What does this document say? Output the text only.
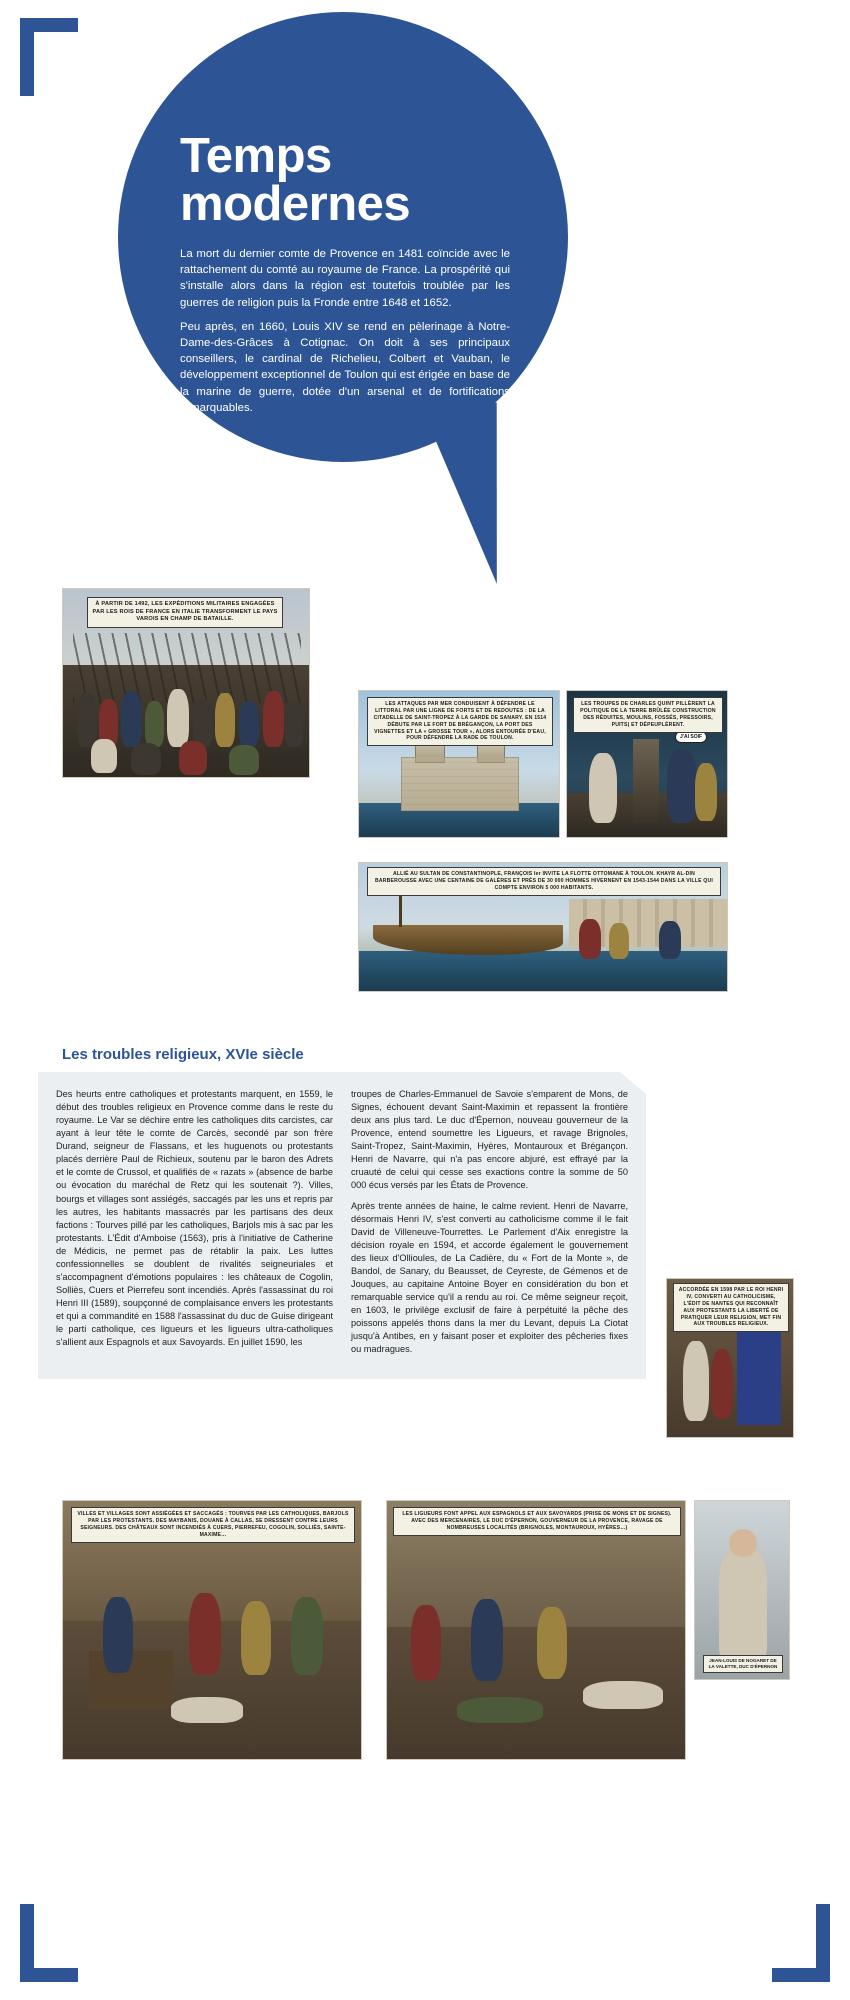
Temps
modernes

La mort du dernier comte de Provence en 1481 coïncide avec le rattachement du comté au royaume de France. La prospérité qui s'installe alors dans la région est toutefois troublée par les guerres de religion puis la Fronde entre 1648 et 1652.

Peu après, en 1660, Louis XIV se rend en pèlerinage à Notre-Dame-des-Grâces à Cotignac. On doit à ses principaux conseillers, le cardinal de Richelieu, Colbert et Vauban, le développement exceptionnel de Toulon qui est érigée en base de la marine de guerre, dotée d'un arsenal et de fortifications remarquables.

À PARTIR DE 1492, LES EXPÉDITIONS MILITAIRES ENGAGÉES PAR LES ROIS DE FRANCE EN ITALIE TRANSFORMENT LE PAYS VAROIS EN CHAMP DE BATAILLE.
LES ATTAQUES PAR MER CONDUISENT À DÉFENDRE LE LITTORAL PAR UNE LIGNE DE FORTS ET DE REDOUTES : DE LA CITADELLE DE SAINT-TROPEZ À LA GARDE DE SANARY. EN 1514 DÉBUTE PAR LE FORT DE BRÉGANÇON, LA PORT DES VIGNETTES ET LA « GROSSE TOUR », ALORS ENTOURÉE D'EAU, POUR DÉFENDRE LA RADE DE TOULON.	J'AI SOIF
LES TROUPES DE CHARLES QUINT PILLÈRENT LA POLITIQUE DE LA TERRE BRÛLÉE CONSTRUCTION DES RÉDUITES, MOULINS, FOSSÉS, PRESSOIRS, PUITS) ET DÉPEUPLÈRENT.
ALLIÉ AU SULTAN DE CONSTANTINOPLE, FRANÇOIS Ier INVITE LA FLOTTE OTTOMANE À TOULON. KHAYR AL-DIN BARBEROUSSE AVEC UNE CENTAINE DE GALÈRES ET PRÈS DE 30 000 HOMMES HIVERNENT EN 1543-1544 DANS LA VILLE QUI COMPTE ENVIRON 5 000 HABITANTS.
Les troubles religieux, XVIe siècle

Des heurts entre catholiques et protestants marquent, en 1559, le début des troubles religieux en Provence comme dans le reste du royaume. Le Var se déchire entre les catholiques dits carcistes, car ayant à leur tête le comte de Carcès, secondé par son frère Durand, seigneur de Flassans, et les huguenots ou protestants placés derrière Paul de Richieux, soutenu par le baron des Adrets et le comte de Crussol, et qualifiés de « razats » (absence de barbe ou évocation du maréchal de Retz qui les soutenait ?). Villes, bourgs et villages sont assiégés, saccagés par les uns et repris par les autres, les habitants massacrés par les partisans des deux factions : Tourves pillé par les catholiques, Barjols mis à sac par les protestants. L'Édit d'Amboise (1563), pris à l'initiative de Catherine de Médicis, ne permet pas de rétablir la paix. Les luttes confessionnelles se doublent de rivalités seigneuriales et s'accompagnent d'émotions populaires : les châteaux de Cogolin, Solliès, Cuers et Pierrefeu sont incendiés. Après l'assassinat du roi Henri III (1589), soupçonné de complaisance envers les protestants et qui a commandité en 1588 l'assassinat du duc de Guise dirigeant le parti catholique, ces ligueurs et les ligueurs ultra-catholiques s'allient aux Espagnols et aux Savoyards. En juillet 1590, les

troupes de Charles-Emmanuel de Savoie s'emparent de Mons, de Signes, échouent devant Saint-Maximin et repassent la frontière deux ans plus tard. Le duc d'Épernon, nouveau gouverneur de la Provence, entend soumettre les Ligueurs, et ravage Brignoles, Saint-Tropez, Saint-Maximin, Hyères, Montauroux et Brégançon. Henri de Navarre, qui n'a pas encore abjuré, est effrayé par la cruauté de celui qui cesse ses exactions contre la somme de 50 000 écus versés par les États de Provence.

Après trente années de haine, le calme revient. Henri de Navarre, désormais Henri IV, s'est converti au catholicisme comme il le fait David de Villeneuve-Tourrettes. Le Parlement d'Aix enregistre la décision royale en 1594, et accorde également le gouvernement des lieux d'Ollioules, de La Cadière, du « Fort de la Monte », de Bandol, de Sanary, du Beausset, de Ceyreste, de Gémenos et de Jouques, au capitaine Antoine Boyer en considération du bon et remarquable service qu'il a rendu au roi. Ce même seigneur reçoit, en 1603, le privilège exclusif de faire à perpétuité la pêche des poissons appelés thons dans la mer du Levant, depuis La Ciotat jusqu'à Antibes, en y faisant poser et exploiter des pêcheries fixes ou madragues.

ACCORDÉE EN 1598 PAR LE ROI HENRI IV, CONVERTI AU CATHOLICISME, L'ÉDIT DE NANTES QUI RECONNAÎT AUX PROTESTANTS LA LIBERTÉ DE PRATIQUER LEUR RELIGION, MET FIN AUX TROUBLES RELIGIEUX.
VILLES ET VILLAGES SONT ASSIÉGÉES ET SACCAGÉS : TOURVES PAR LES CATHOLIQUES, BARJOLS PAR LES PROTESTANTS. DES MAYBANIS, DOUANE À CALLAS, SE DRESSENT CONTRE LEURS SEIGNEURS. DES CHÂTEAUX SONT INCENDIÉS À CUERS, PIERREFEU, COGOLIN, SOLLIÈS, SAINTE-MAXIME…
LES LIGUEURS FONT APPEL AUX ESPAGNOLS ET AUX SAVOYARDS (PRISE DE MONS ET DE SIGNES). AVEC DES MERCENAIRES, LE DUC D'ÉPERNON, GOUVERNEUR DE LA PROVENCE, RAVAGE DE NOMBREUSES LOCALITÉS (BRIGNOLES, MONTAUROUX, HYÈRES…)
JEAN-LOUIS DE NOGARET DE LA VALETTE, DUC D'ÉPERNON
